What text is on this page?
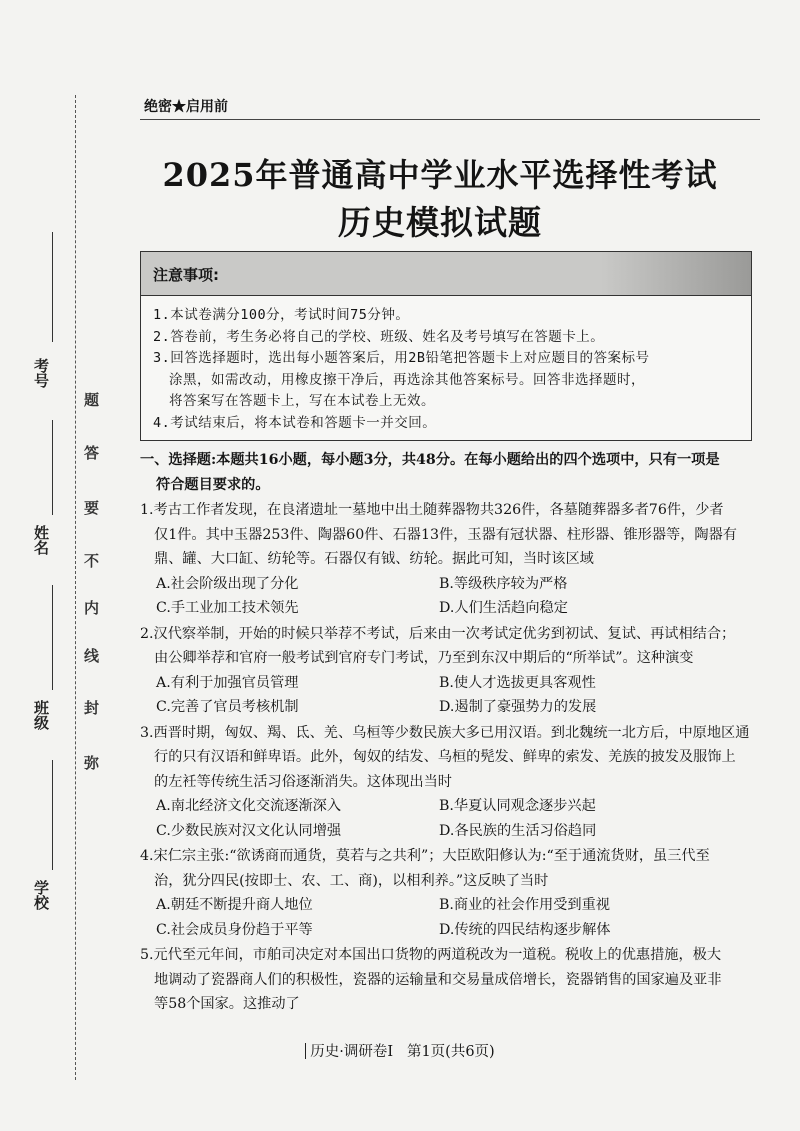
考号
姓名
班级
学校
弥
封
线
内
不
要
答
题
绝密★启用前
2025年普通高中学业水平选择性考试
历史模拟试题
注意事项:

1.本试卷满分100分，考试时间75分钟。

2.答卷前，考生务必将自己的学校、班级、姓名及考号填写在答题卡上。

3.回答选择题时，选出每小题答案后，用2B铅笔把答题卡上对应题目的答案标号

涂黑，如需改动，用橡皮擦干净后，再选涂其他答案标号。回答非选择题时，

将答案写在答题卡上，写在本试卷上无效。

4.考试结束后，将本试卷和答题卡一并交回。

一、选择题:本题共16小题，每小题3分，共48分。在每小题给出的四个选项中，只有一项是
符合题目要求的。

1.考古工作者发现，在良渚遗址一墓地中出土随葬器物共326件，各墓随葬器多者76件，少者
仅1件。其中玉器253件、陶器60件、石器13件，玉器有冠状器、柱形器、锥形器等，陶器有
鼎、罐、大口缸、纺轮等。石器仅有钺、纺轮。据此可知，当时该区域
A.社会阶级出现了分化	B.等级秩序较为严格
C.手工业加工技术领先	D.人们生活趋向稳定
2.汉代察举制，开始的时候只举荐不考试，后来由一次考试定优劣到初试、复试、再试相结合；
由公卿举荐和官府一般考试到官府专门考试，乃至到东汉中期后的“所举试”。这种演变
A.有利于加强官员管理	B.使人才选拔更具客观性
C.完善了官员考核机制	D.遏制了豪强势力的发展
3.西晋时期，匈奴、羯、氐、羌、乌桓等少数民族大多已用汉语。到北魏统一北方后，中原地区通
行的只有汉语和鲜卑语。此外，匈奴的结发、乌桓的髡发、鲜卑的索发、羌族的披发及服饰上
的左衽等传统生活习俗逐渐消失。这体现出当时
A.南北经济文化交流逐渐深入	B.华夏认同观念逐步兴起
C.少数民族对汉文化认同增强	D.各民族的生活习俗趋同
4.宋仁宗主张:“欲诱商而通货，莫若与之共利”；大臣欧阳修认为:“至于通流货财，虽三代至
治，犹分四民(按即士、农、工、商)，以相利养。”这反映了当时
A.朝廷不断提升商人地位	B.商业的社会作用受到重视
C.社会成员身份趋于平等	D.传统的四民结构逐步解体
5.元代至元年间，市舶司决定对本国出口货物的两道税改为一道税。税收上的优惠措施，极大
地调动了瓷器商人们的积极性，瓷器的运输量和交易量成倍增长，瓷器销售的国家遍及亚非
等58个国家。这推动了
历史·调研卷Ⅰ 第1页(共6页)
